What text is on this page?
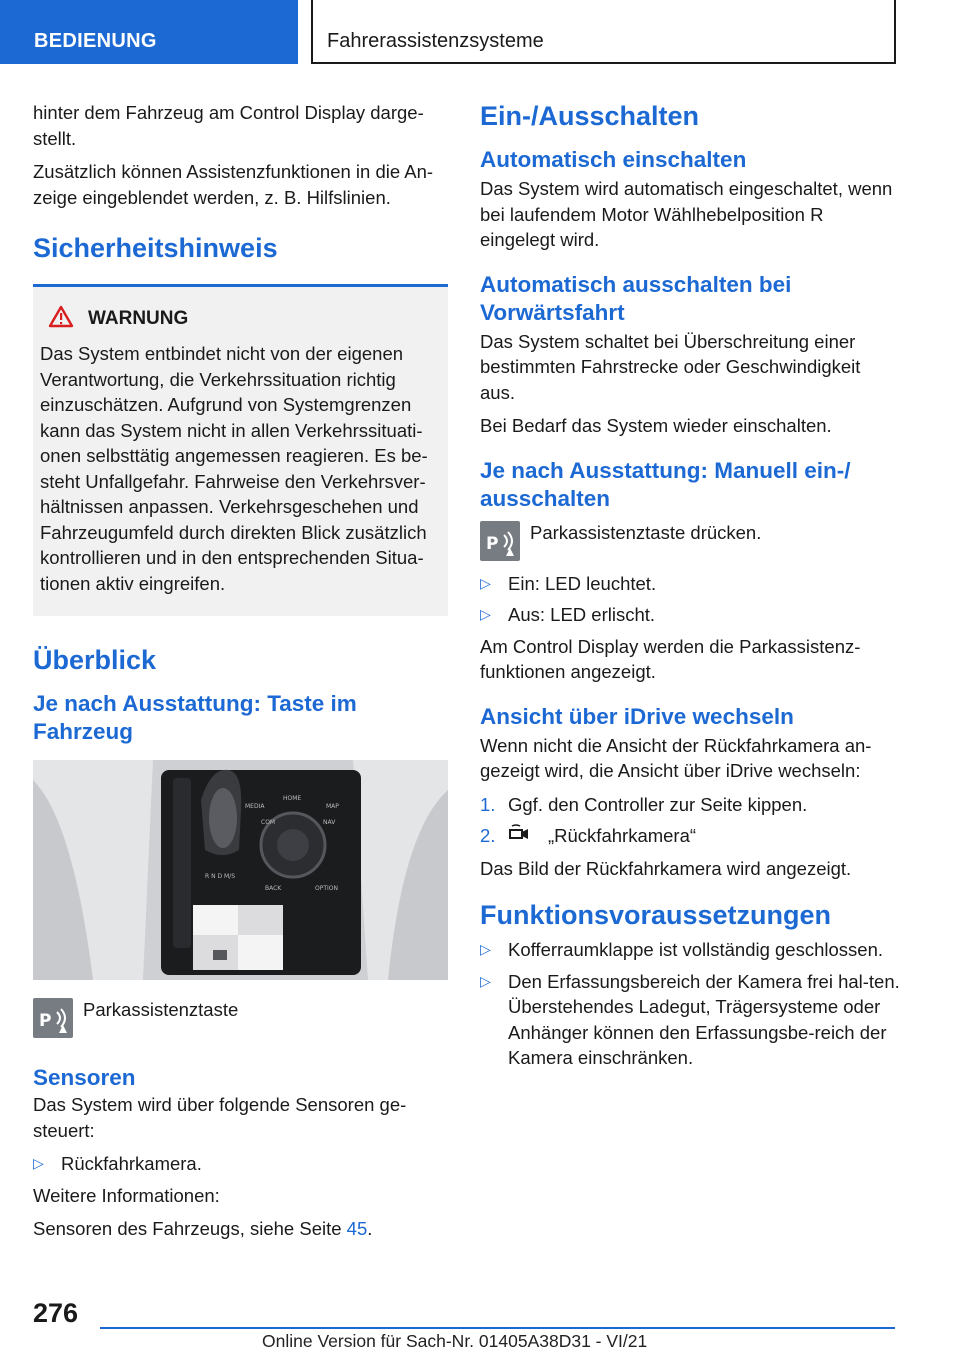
BEDIENUNG	Fahrerassistenzsysteme

hinter dem Fahrzeug am Control Display darge-stellt.

Zusätzlich können Assistenzfunktionen in die An-zeige eingeblendet werden, z. B. Hilfslinien.

Sicherheitshinweis
WARNUNG

Das System entbindet nicht von der eigenen Verantwortung, die Verkehrssituation richtig einzuschätzen. Aufgrund von Systemgrenzen kann das System nicht in allen Verkehrssituati-onen selbsttätig angemessen reagieren. Es be-steht Unfallgefahr. Fahrweise den Verkehrsver-hältnissen anpassen. Verkehrsgeschehen und Fahrzeugumfeld durch direkten Blick zusätzlich kontrollieren und in den entsprechenden Situa-tionen aktiv eingreifen.

Überblick
Je nach Ausstattung: Taste im Fahrzeug
MEDIA
HOME
MAP
COM	NAV
BACK	OPTION
R N D M/S
P
Parkassistenztaste
Sensoren

Das System wird über folgende Sensoren ge-steuert:

▷ Rückfahrkamera.

Weitere Informationen:

Sensoren des Fahrzeugs, siehe Seite 45.

Ein-/Ausschalten
Automatisch einschalten

Das System wird automatisch eingeschaltet, wenn bei laufendem Motor Wählhebelposition R eingelegt wird.

Automatisch ausschalten bei Vorwärtsfahrt

Das System schaltet bei Überschreitung einer bestimmten Fahrstrecke oder Geschwindigkeit aus.

Bei Bedarf das System wieder einschalten.

Je nach Ausstattung: Manuell ein-/ ausschalten
P
Parkassistenztaste drücken.
▷ Ein: LED leuchtet.
▷ Aus: LED erlischt.

Am Control Display werden die Parkassistenz-funktionen angezeigt.

Ansicht über iDrive wechseln

Wenn nicht die Ansicht der Rückfahrkamera an-gezeigt wird, die Ansicht über iDrive wechseln:

1. Ggf. den Controller zur Seite kippen.
2.	„Rückfahrkamera“

Das Bild der Rückfahrkamera wird angezeigt.

Funktionsvoraussetzungen
▷ Kofferraumklappe ist vollständig geschlossen.
▷ Den Erfassungsbereich der Kamera frei hal-ten. Überstehendes Ladegut, Trägersysteme oder Anhänger können den Erfassungsbe-reich der Kamera einschränken.
276
Online Version für Sach-Nr. 01405A38D31 - VI/21
